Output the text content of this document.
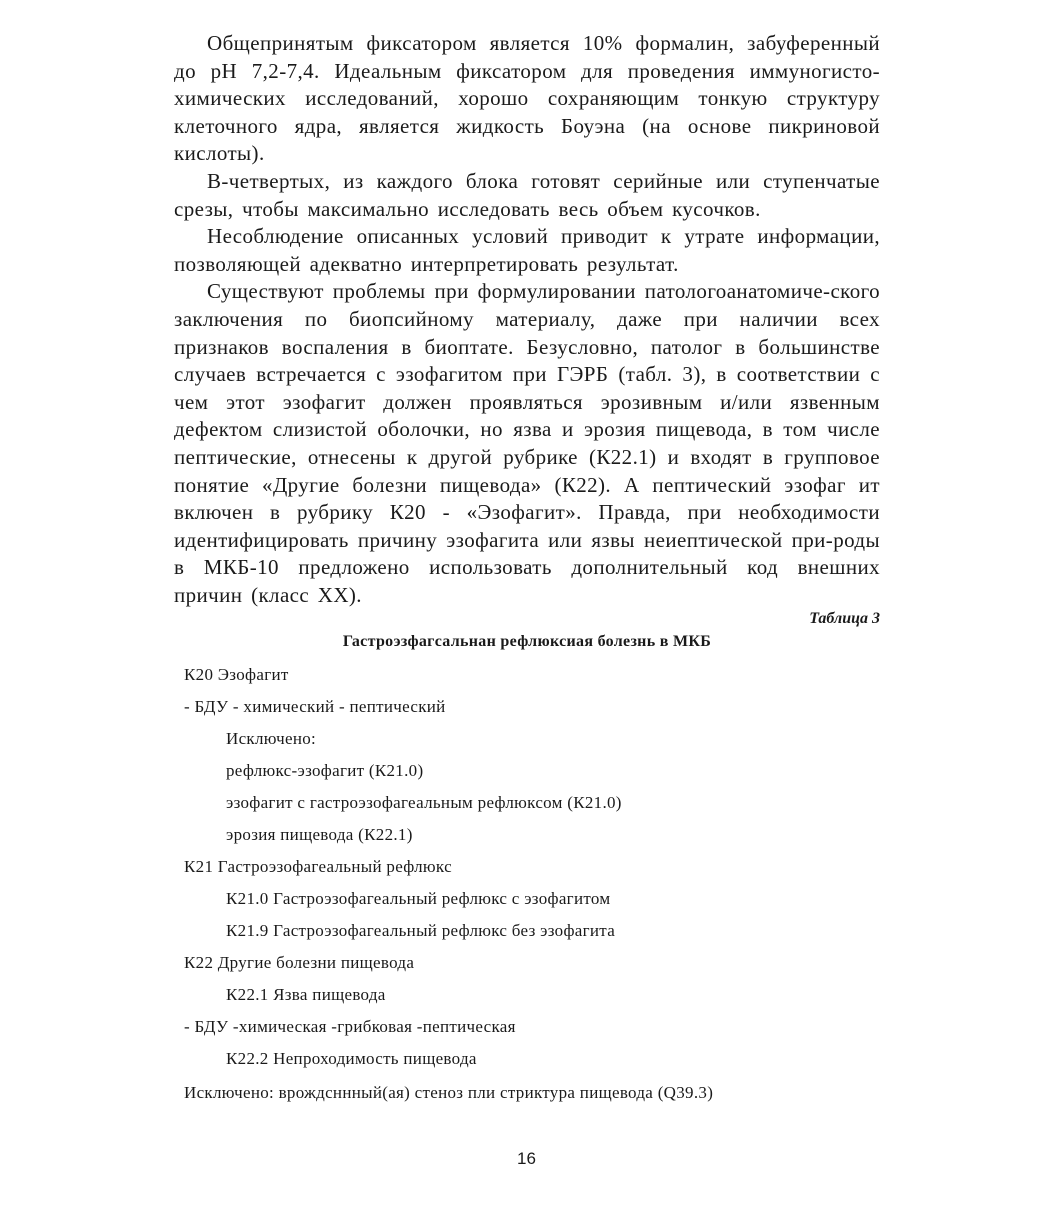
Общепринятым фиксатором является 10% формалин, забуференный до pH 7,2-7,4. Идеальным фиксатором для проведения иммуногисто-химических исследований, хорошо сохраняющим тонкую структуру клеточного ядра, является жидкость Боуэна (на основе пикриновой кислоты).

В-четвертых, из каждого блока готовят серийные или ступенчатые срезы, чтобы максимально исследовать весь объем кусочков.

Несоблюдение описанных условий приводит к утрате информации, позволяющей адекватно интерпретировать результат.

Существуют проблемы при формулировании патологоанатомиче-ского заключения по биопсийному материалу, даже при наличии всех признаков воспаления в биоптате. Безусловно, патолог в большинстве случаев встречается с эзофагитом при ГЭРБ (табл. 3), в соответствии с чем этот эзофагит должен проявляться эрозивным и/или язвенным дефектом слизистой оболочки, но язва и эрозия пищевода, в том числе пептические, отнесены к другой рубрике (К22.1) и входят в групповое понятие «Другие болезни пищевода» (К22). А пептический эзофаг ит включен в рубрику К20 - «Эзофагит». Правда, при необходимости идентифицировать причину эзофагита или язвы неиептической при-роды в МКБ-10 предложено использовать дополнительный код внешних причин (класс XX).

Таблица 3
Гастроэзфагсальнан рефлюксиая болезнь в МКБ
К20 Эзофагит
- БДУ - химический - пептический
Исключено:
рефлюкс-эзофагит (К21.0)
эзофагит с гастроэзофагеальным рефлюксом (К21.0)
эрозия пищевода (К22.1)
К21 Гастроэзофагеальный рефлюкс
К21.0 Гастроэзофагеальный рефлюкс с эзофагитом
К21.9 Гастроэзофагеальный рефлюкс без эзофагита
К22 Другие болезни пищевода
К22.1 Язва пищевода
- БДУ -химическая -грибковая -пептическая
К22.2 Непроходимость пищевода
Исключено: врождсннный(ая) стеноз пли стриктура пищевода (Q39.3)
16
